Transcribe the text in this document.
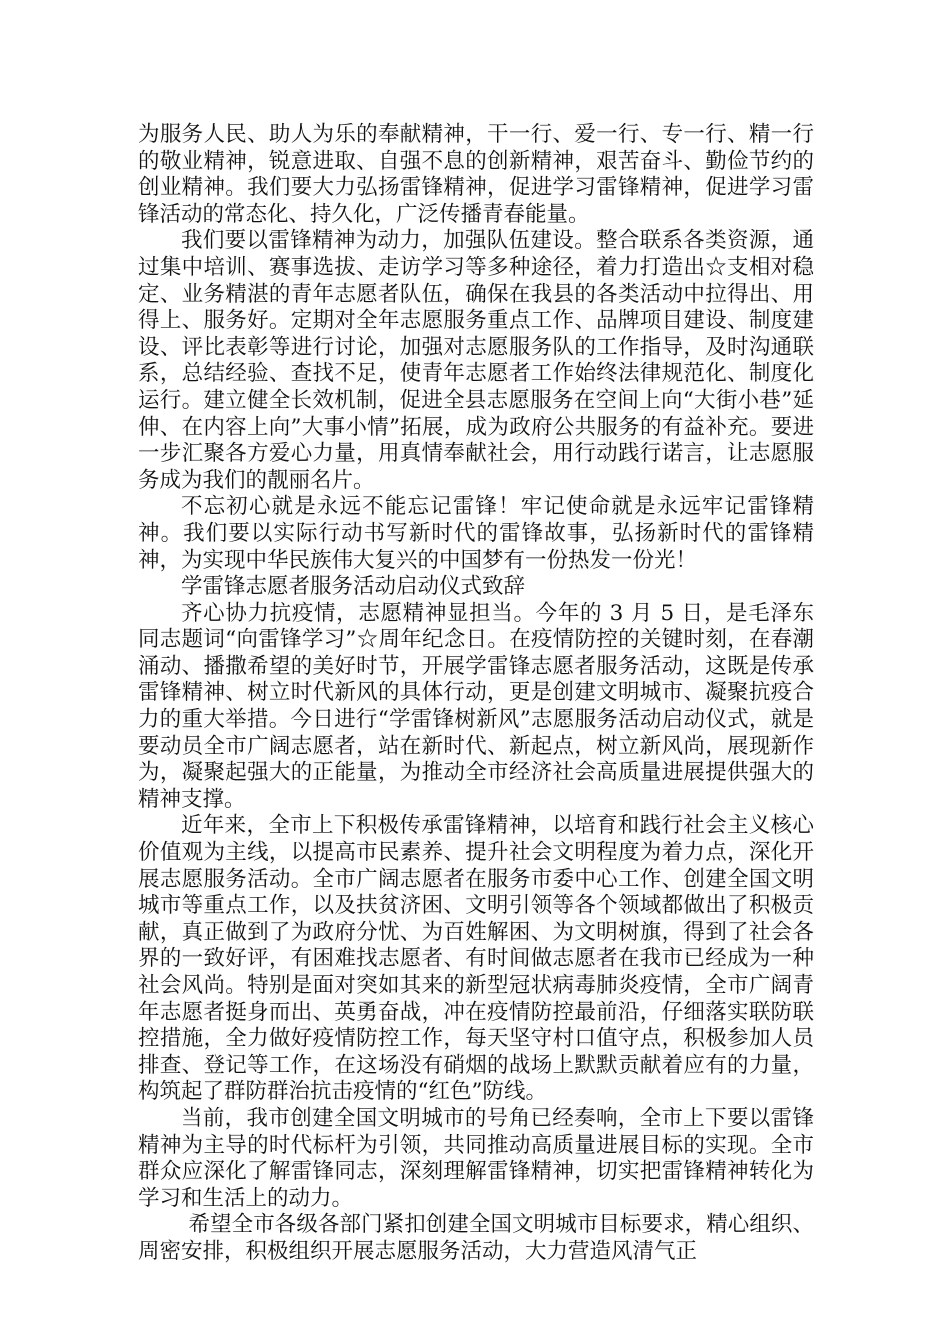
为服务人民、助人为乐的奉献精神，干一行、爱一行、专一行、精一行的敬业精神，锐意进取、自强不息的创新精神，艰苦奋斗、勤俭节约的创业精神。我们要大力弘扬雷锋精神，促进学习雷锋精神，促进学习雷锋活动的常态化、持久化，广泛传播青春能量。

我们要以雷锋精神为动力，加强队伍建设。整合联系各类资源，通过集中培训、赛事选拔、走访学习等多种途径，着力打造出☆支相对稳定、业务精湛的青年志愿者队伍，确保在我县的各类活动中拉得出、用得上、服务好。定期对全年志愿服务重点工作、品牌项目建设、制度建设、评比表彰等进行讨论，加强对志愿服务队的工作指导，及时沟通联系，总结经验、查找不足，使青年志愿者工作始终法律规范化、制度化运行。建立健全长效机制，促进全县志愿服务在空间上向“大街小巷”延伸、在内容上向”大事小情”拓展，成为政府公共服务的有益补充。要进一步汇聚各方爱心力量，用真情奉献社会，用行动践行诺言，让志愿服务成为我们的靓丽名片。

不忘初心就是永远不能忘记雷锋！牢记使命就是永远牢记雷锋精神。我们要以实际行动书写新时代的雷锋故事，弘扬新时代的雷锋精神，为实现中华民族伟大复兴的中国梦有一份热发一份光！

学雷锋志愿者服务活动启动仪式致辞

齐心协力抗疫情，志愿精神显担当。今年的 3 月 5 日，是毛泽东同志题词“向雷锋学习”☆周年纪念日。在疫情防控的关键时刻，在春潮涌动、播撒希望的美好时节，开展学雷锋志愿者服务活动，这既是传承雷锋精神、树立时代新风的具体行动，更是创建文明城市、凝聚抗疫合力的重大举措。今日进行“学雷锋树新风”志愿服务活动启动仪式，就是要动员全市广阔志愿者，站在新时代、新起点，树立新风尚，展现新作为，凝聚起强大的正能量，为推动全市经济社会高质量进展提供强大的精神支撑。

近年来，全市上下积极传承雷锋精神，以培育和践行社会主义核心价值观为主线，以提高市民素养、提升社会文明程度为着力点，深化开展志愿服务活动。全市广阔志愿者在服务市委中心工作、创建全国文明城市等重点工作，以及扶贫济困、文明引领等各个领域都做出了积极贡献，真正做到了为政府分忧、为百姓解困、为文明树旗，得到了社会各界的一致好评，有困难找志愿者、有时间做志愿者在我市已经成为一种社会风尚。特别是面对突如其来的新型冠状病毒肺炎疫情，全市广阔青年志愿者挺身而出、英勇奋战，冲在疫情防控最前沿，仔细落实联防联控措施，全力做好疫情防控工作，每天坚守村口值守点，积极参加人员排查、登记等工作，在这场没有硝烟的战场上默默贡献着应有的力量，构筑起了群防群治抗击疫情的“红色”防线。

当前，我市创建全国文明城市的号角已经奏响，全市上下要以雷锋精神为主导的时代标杆为引领，共同推动高质量进展目标的实现。全市群众应深化了解雷锋同志，深刻理解雷锋精神，切实把雷锋精神转化为学习和生活上的动力。

希望全市各级各部门紧扣创建全国文明城市目标要求，精心组织、周密安排，积极组织开展志愿服务活动，大力营造风清气正
